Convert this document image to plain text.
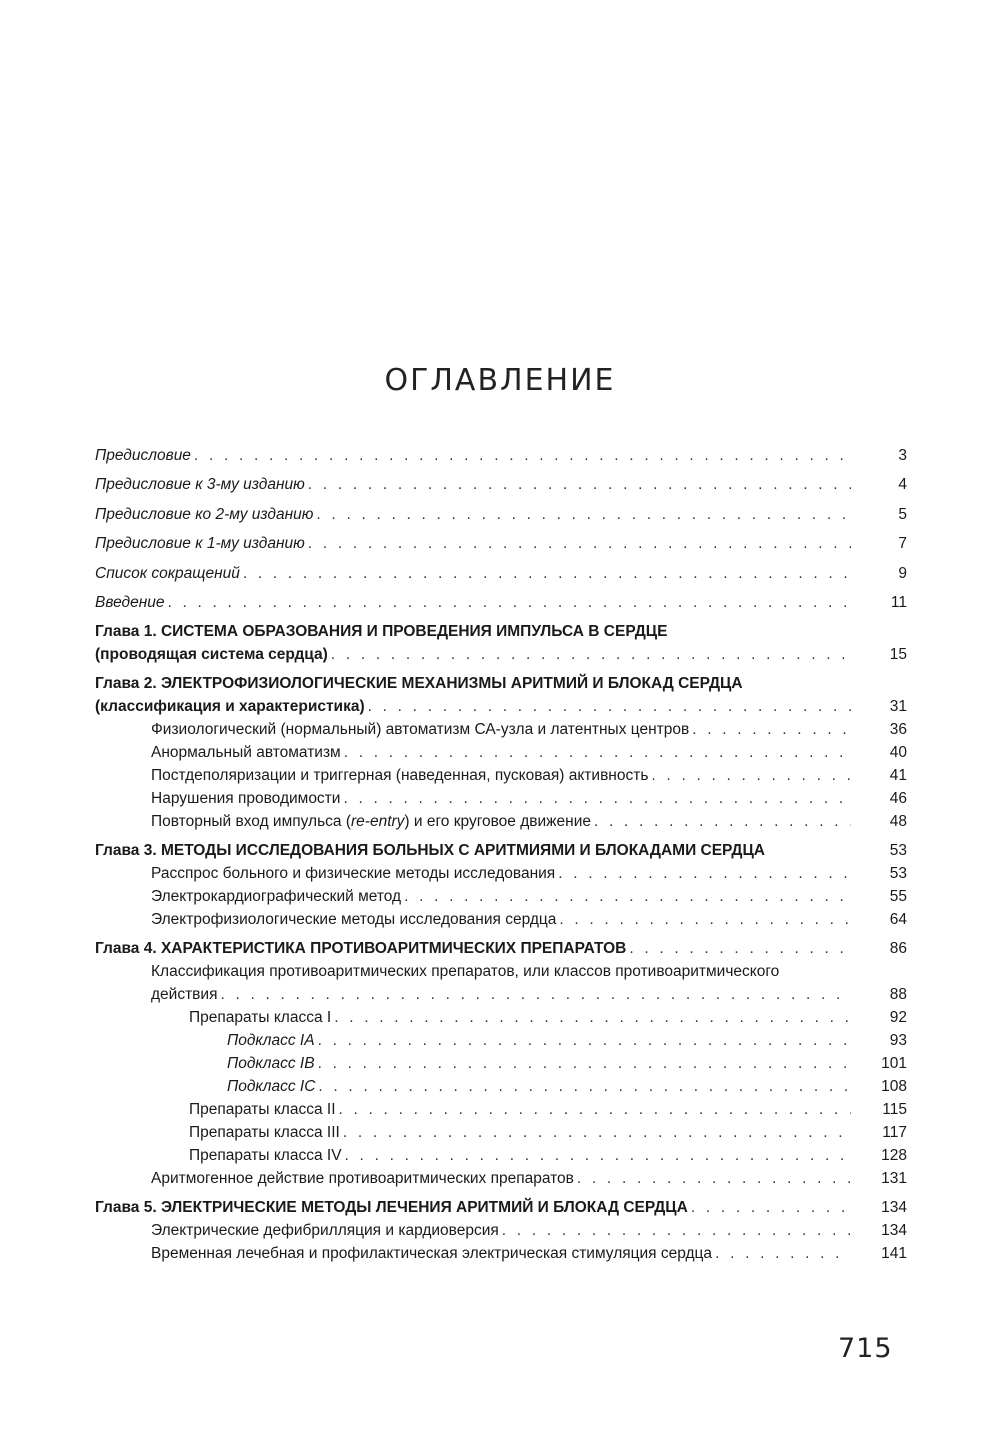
ОГЛАВЛЕНИЕ
Предисловие . . .	3
Предисловие к 3-му изданию . . .	4
Предисловие ко 2-му изданию . . .	5
Предисловие к 1-му изданию . . .	7
Список сокращений . . .	9
Введение . . .	11
Глава 1. СИСТЕМА ОБРАЗОВАНИЯ И ПРОВЕДЕНИЯ ИМПУЛЬСА В СЕРДЦЕ
(проводящая система сердца) . . .	15
Глава 2. ЭЛЕКТРОФИЗИОЛОГИЧЕСКИЕ МЕХАНИЗМЫ АРИТМИЙ И БЛОКАД СЕРДЦА
(классификация и характеристика) . . .	31
Физиологический (нормальный) автоматизм СА-узла и латентных центров . . .	36
Анормальный автоматизм . . .	40
Постдеполяризации и триггерная (наведенная, пусковая) активность . . .	41
Нарушения проводимости . . .	46
Повторный вход импульса (re-entry) и его круговое движение . . .	48
Глава 3. МЕТОДЫ ИССЛЕДОВАНИЯ БОЛЬНЫХ С АРИТМИЯМИ И БЛОКАДАМИ СЕРДЦА	53
Расспрос больного и физические методы исследования . . .	53
Электрокардиографический метод . . .	55
Электрофизиологические методы исследования сердца . . .	64
Глава 4. ХАРАКТЕРИСТИКА ПРОТИВОАРИТМИЧЕСКИХ ПРЕПАРАТОВ . . .	86
Классификация противоаритмических препаратов, или классов противоаритмического
действия . . .	88
Препараты класса I . . .	92
Подкласс IA . . .	93
Подкласс IB . . .	101
Подкласс IC . . .	108
Препараты класса II . . .	115
Препараты класса III . . .	117
Препараты класса IV . . .	128
Аритмогенное действие противоаритмических препаратов . . .	131
Глава 5. ЭЛЕКТРИЧЕСКИЕ МЕТОДЫ ЛЕЧЕНИЯ АРИТМИЙ И БЛОКАД СЕРДЦА . . .	134
Электрические дефибрилляция и кардиоверсия . . .	134
Временная лечебная и профилактическая электрическая стимуляция сердца . . .	141
715
